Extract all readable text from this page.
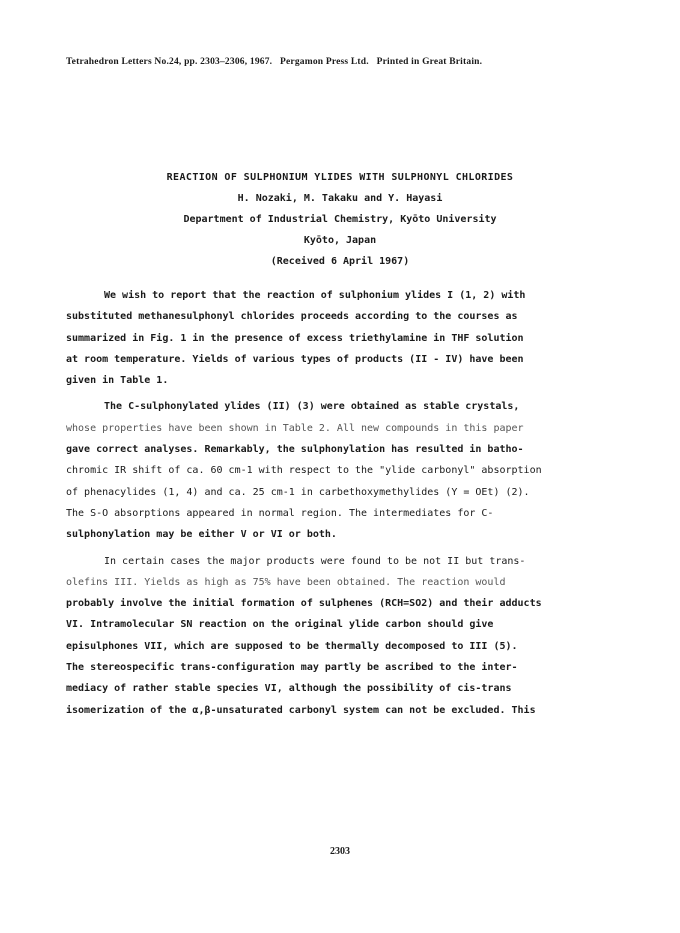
Tetrahedron Letters No.24, pp. 2303–2306, 1967. Pergamon Press Ltd. Printed in Great Britain.
REACTION OF SULPHONIUM YLIDES WITH SULPHONYL CHLORIDES
H. Nozaki, M. Takaku and Y. Hayasi
Department of Industrial Chemistry, Kyōto University
Kyōto, Japan
(Received 6 April 1967)
We wish to report that the reaction of sulphonium ylides I (1, 2) with
substituted methanesulphonyl chlorides proceeds according to the courses as
summarized in Fig. 1 in the presence of excess triethylamine in THF solution
at room temperature. Yields of various types of products (II - IV) have been
given in Table 1.
The C-sulphonylated ylides (II) (3) were obtained as stable crystals,
whose properties have been shown in Table 2. All new compounds in this paper
gave correct analyses. Remarkably, the sulphonylation has resulted in batho-
chromic IR shift of ca. 60 cm-1 with respect to the "ylide carbonyl" absorption
of phenacylides (1, 4) and ca. 25 cm-1 in carbethoxymethylides (Y = OEt) (2).
The S-O absorptions appeared in normal region. The intermediates for C-
sulphonylation may be either V or VI or both.
In certain cases the major products were found to be not II but trans-
olefins III. Yields as high as 75% have been obtained. The reaction would
probably involve the initial formation of sulphenes (RCH=SO2) and their adducts
VI. Intramolecular SN reaction on the original ylide carbon should give
episulphones VII, which are supposed to be thermally decomposed to III (5).
The stereospecific trans-configuration may partly be ascribed to the inter-
mediacy of rather stable species VI, although the possibility of cis-trans
isomerization of the α,β-unsaturated carbonyl system can not be excluded. This
2303
